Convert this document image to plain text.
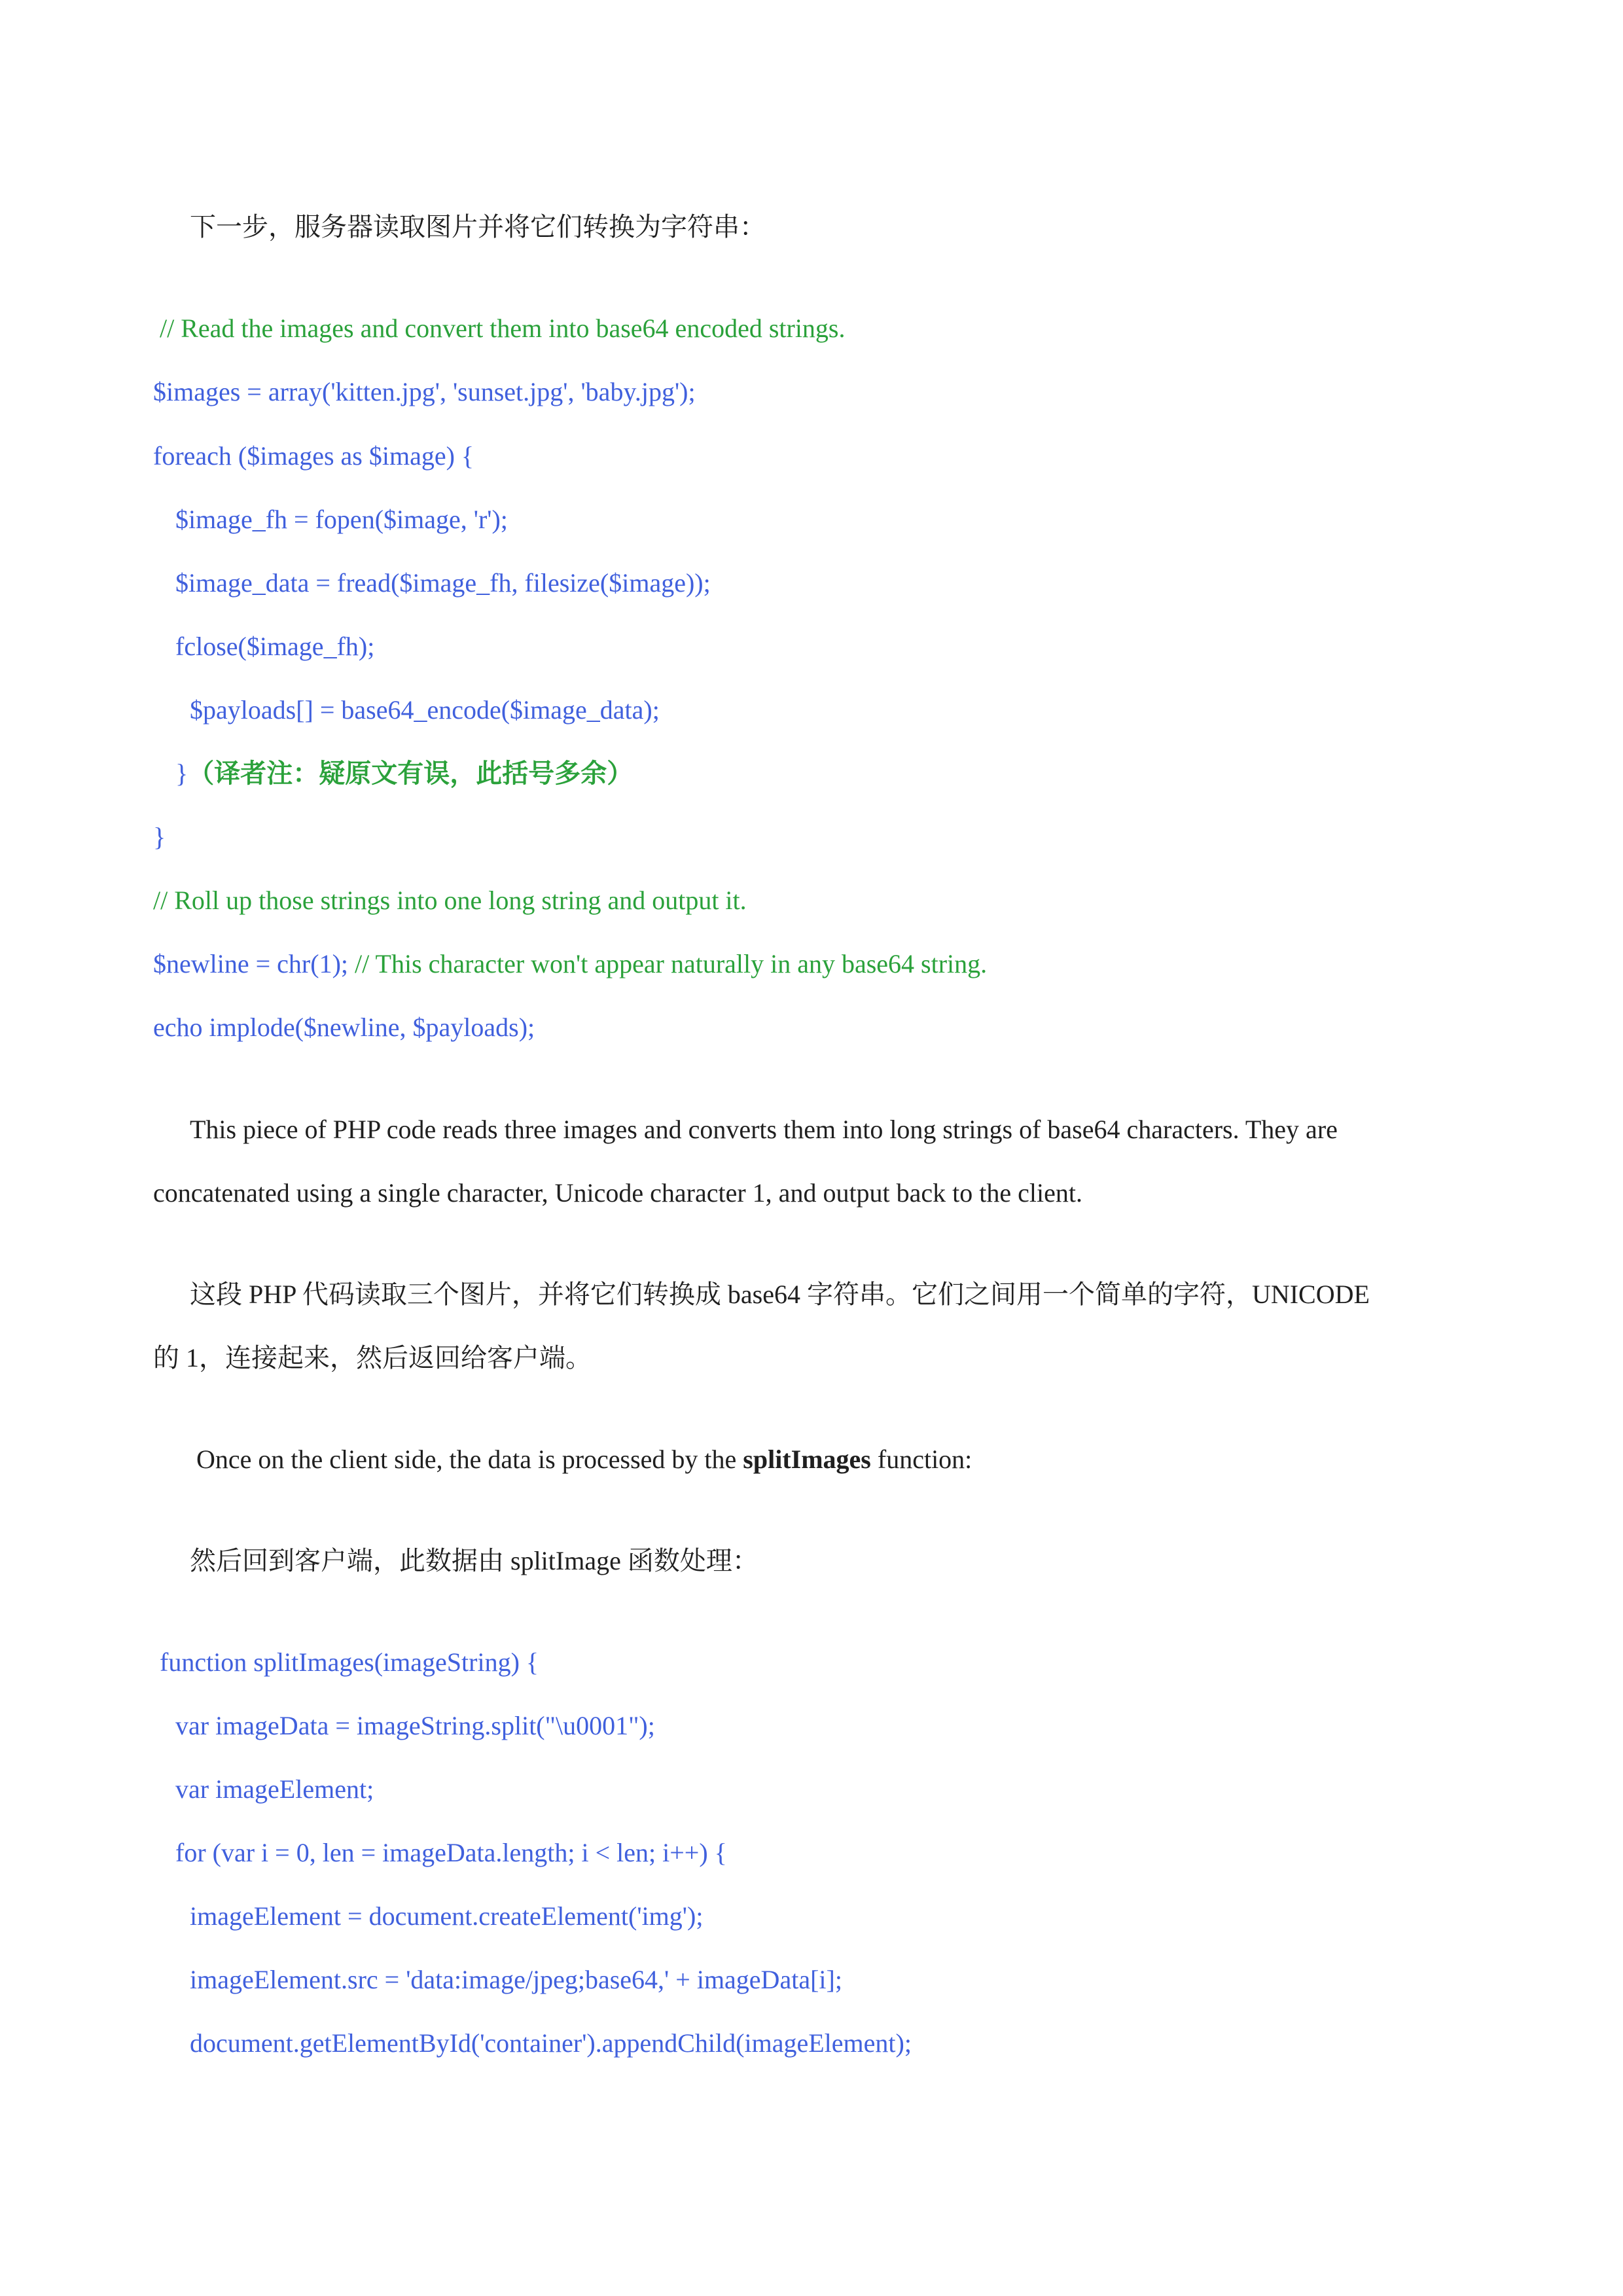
下一步，服务器读取图片并将它们转换为字符串：

// Read the images and convert them into base64 encoded strings.

$images = array('kitten.jpg', 'sunset.jpg', 'baby.jpg');

foreach ($images as $image) {

$image_fh = fopen($image, 'r');

$image_data = fread($image_fh, filesize($image));

fclose($image_fh);

$payloads[] = base64_encode($image_data);

}（译者注：疑原文有误，此括号多余）

}

// Roll up those strings into one long string and output it.

$newline = chr(1); // This character won't appear naturally in any base64 string.

echo implode($newline, $payloads);

This piece of PHP code reads three images and converts them into long strings of base64 characters. They are

concatenated using a single character, Unicode character 1, and output back to the client.

这段 PHP 代码读取三个图片，并将它们转换成 base64 字符串。它们之间用一个简单的字符，UNICODE

的 1，连接起来，然后返回给客户端。

Once on the client side, the data is processed by the splitImages function:

然后回到客户端，此数据由 splitImage 函数处理：

function splitImages(imageString) {

var imageData = imageString.split("\u0001");

var imageElement;

for (var i = 0, len = imageData.length; i < len; i++) {

imageElement = document.createElement('img');

imageElement.src = 'data:image/jpeg;base64,' + imageData[i];

document.getElementById('container').appendChild(imageElement);
